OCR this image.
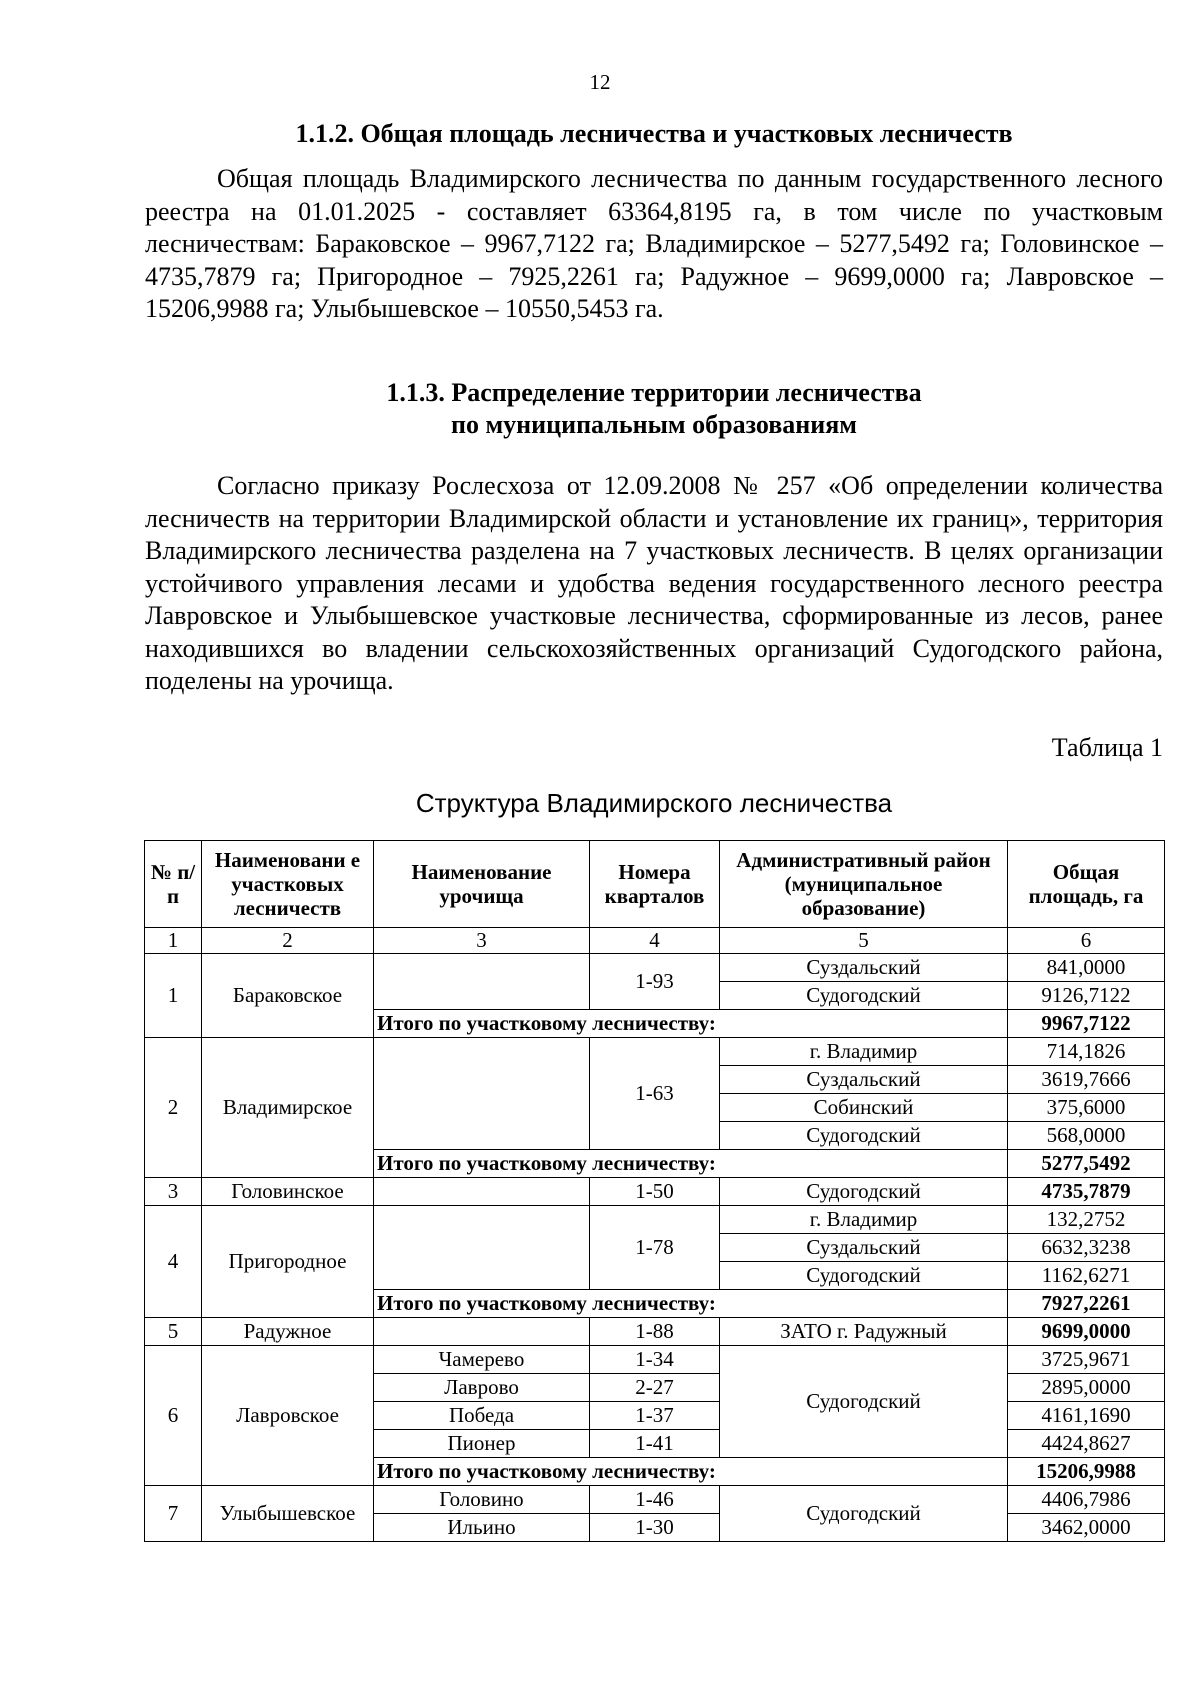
12
1.1.2. Общая площадь лесничества и участковых лесничеств
Общая площадь Владимирского лесничества по данным государственного лесного реестра на 01.01.2025 - составляет 63364,8195 га, в том числе по участковым лесничествам: Бараковское – 9967,7122 га; Владимирское – 5277,5492 га; Головинское – 4735,7879 га; Пригородное – 7925,2261 га; Радужное – 9699,0000 га; Лавровское – 15206,9988 га; Улыбышевское – 10550,5453 га.
1.1.3. Распределение территории лесничества
по муниципальным образованиям
Согласно приказу Рослесхоза от 12.09.2008 № 257 «Об определении количества лесничеств на территории Владимирской области и установление их границ», территория Владимирского лесничества разделена на 7 участковых лесничеств. В целях организации устойчивого управления лесами и удобства ведения государственного лесного реестра Лавровское и Улыбышевское участковые лесничества, сформированные из лесов, ранее находившихся во владении сельскохозяйственных организаций Судогодского района, поделены на урочища.
Таблица 1
Структура Владимирского лесничества
№ п/п	Наименовани е участковых лесничеств	Наименование урочища	Номера кварталов	Административный район (муниципальное образование)	Общая площадь, га
1	2	3	4	5	6
1	Бараковское		1-93	Суздальский	841,0000
				Судогодский	9126,7122
		Итого по участковому лесничеству:			9967,7122
2	Владимирское		1-63	г. Владимир	714,1826
				Суздальский	3619,7666
				Собинский	375,6000
				Судогодский	568,0000
		Итого по участковому лесничеству:			5277,5492
3	Головинское		1-50	Судогодский	4735,7879
4	Пригородное		1-78	г. Владимир	132,2752
				Суздальский	6632,3238
				Судогодский	1162,6271
		Итого по участковому лесничеству:			7927,2261
5	Радужное		1-88	ЗАТО г. Радужный	9699,0000
6	Лавровское	Чамерево	1-34	Судогодский	3725,9671
		Лаврово	2-27		2895,0000
		Победа	1-37		4161,1690
		Пионер	1-41		4424,8627
		Итого по участковому лесничеству:			15206,9988
7	Улыбышевское	Головино	1-46	Судогодский	4406,7986
		Ильино	1-30		3462,0000
